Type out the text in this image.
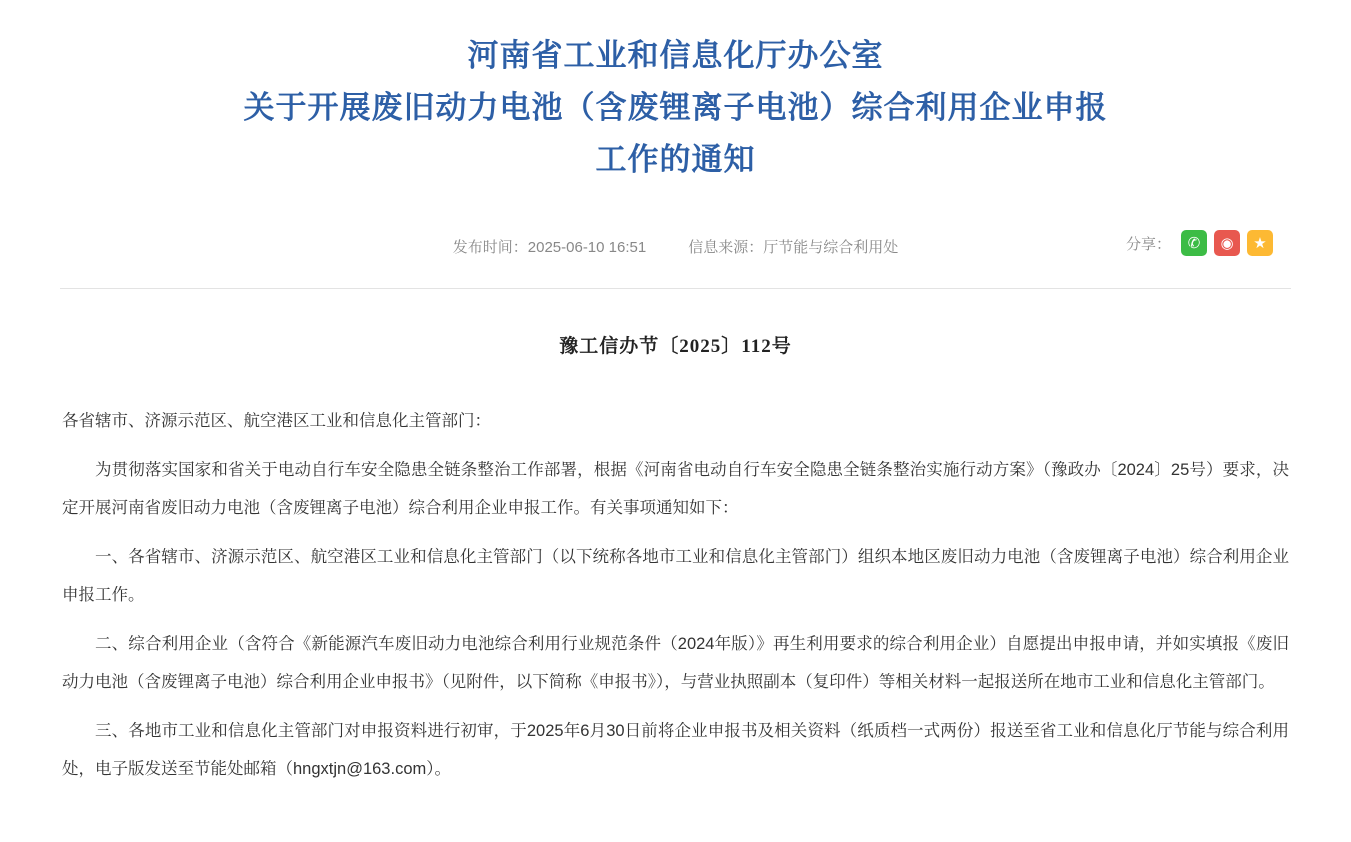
河南省工业和信息化厅办公室
关于开展废旧动力电池（含废锂离子电池）综合利用企业申报
工作的通知
发布时间：2025-06-10 16:51	信息来源：厅节能与综合利用处	分享：	✆	◉	★
豫工信办节〔2025〕112号

各省辖市、济源示范区、航空港区工业和信息化主管部门：

为贯彻落实国家和省关于电动自行车安全隐患全链条整治工作部署，根据《河南省电动自行车安全隐患全链条整治实施行动方案》（豫政办〔2024〕25号）要求，决定开展河南省废旧动力电池（含废锂离子电池）综合利用企业申报工作。有关事项通知如下：

一、各省辖市、济源示范区、航空港区工业和信息化主管部门（以下统称各地市工业和信息化主管部门）组织本地区废旧动力电池（含废锂离子电池）综合利用企业申报工作。

二、综合利用企业（含符合《新能源汽车废旧动力电池综合利用行业规范条件（2024年版）》再生利用要求的综合利用企业）自愿提出申报申请，并如实填报《废旧动力电池（含废锂离子电池）综合利用企业申报书》（见附件，以下简称《申报书》），与营业执照副本（复印件）等相关材料一起报送所在地市工业和信息化主管部门。

三、各地市工业和信息化主管部门对申报资料进行初审，于2025年6月30日前将企业申报书及相关资料（纸质档一式两份）报送至省工业和信息化厅节能与综合利用处，电子版发送至节能处邮箱（hngxtjn@163.com）。
